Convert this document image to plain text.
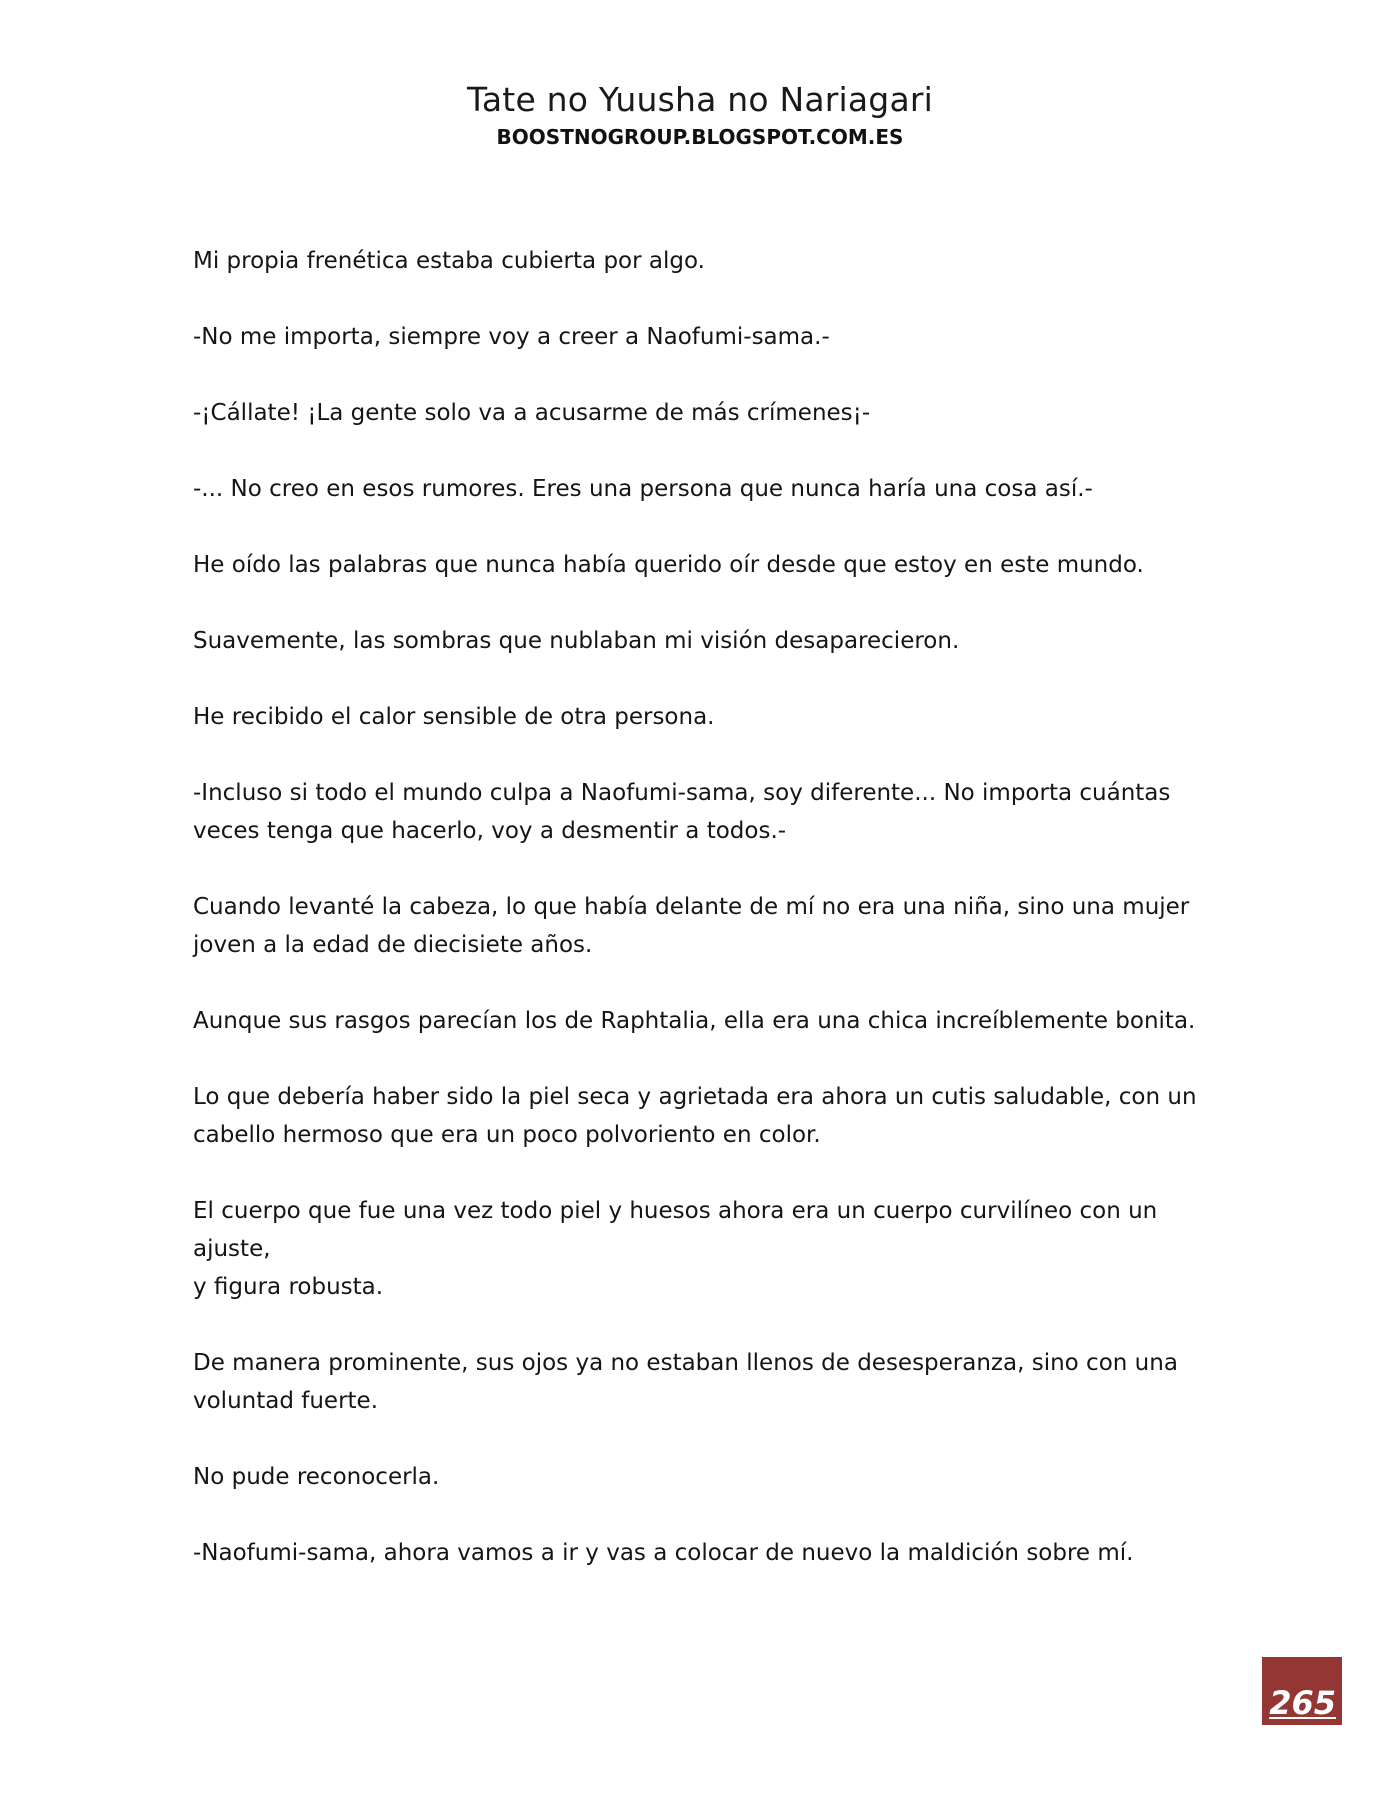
Tate no Yuusha no Nariagari
BOOSTNOGROUP.BLOGSPOT.COM.ES

Mi propia frenética estaba cubierta por algo.

-No me importa, siempre voy a creer a Naofumi-sama.-

-¡Cállate! ¡La gente solo va a acusarme de más crímenes¡-

-... No creo en esos rumores. Eres una persona que nunca haría una cosa así.-

He oído las palabras que nunca había querido oír desde que estoy en este mundo.

Suavemente, las sombras que nublaban mi visión desaparecieron.

He recibido el calor sensible de otra persona.

-Incluso si todo el mundo culpa a Naofumi-sama, soy diferente... No importa cuántas
veces tenga que hacerlo, voy a desmentir a todos.-

Cuando levanté la cabeza, lo que había delante de mí no era una niña, sino una mujer
joven a la edad de diecisiete años.

Aunque sus rasgos parecían los de Raphtalia, ella era una chica increíblemente bonita.

Lo que debería haber sido la piel seca y agrietada era ahora un cutis saludable, con un
cabello hermoso que era un poco polvoriento en color.

El cuerpo que fue una vez todo piel y huesos ahora era un cuerpo curvilíneo con un ajuste,
y figura robusta.

De manera prominente, sus ojos ya no estaban llenos de desesperanza, sino con una
voluntad fuerte.

No pude reconocerla.

-Naofumi-sama, ahora vamos a ir y vas a colocar de nuevo la maldición sobre mí.

265
